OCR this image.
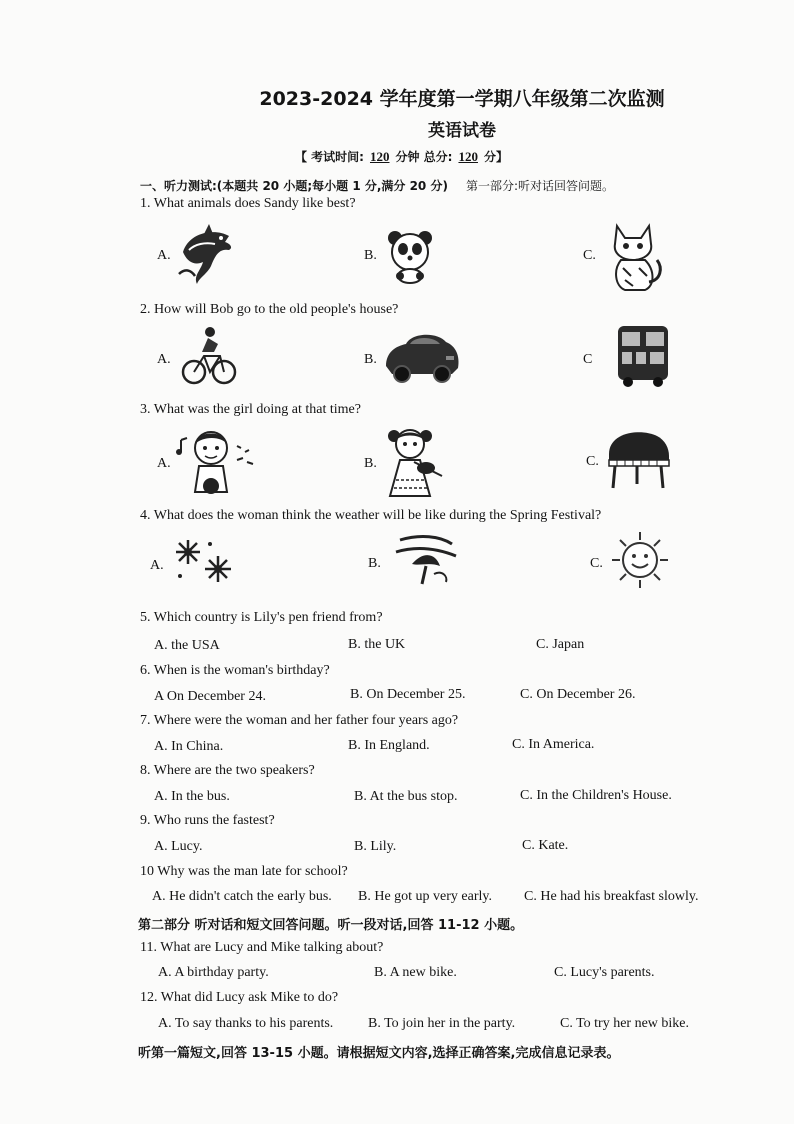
2023-2024 学年度第一学期八年级第二次监测
英语试卷
【 考试时间: 120 分钟 总分: 120 分】
一、听力测试:(本题共 20 小题;每小题 1 分,满分 20 分) 第一部分:听对话回答问题。
1. What animals does Sandy like best?
A.	B.	C.
2. How will Bob go to the old people's house?
A.	B.	C
3. What was the girl doing at that time?
A.	B.	C.
4. What does the woman think the weather will be like during the Spring Festival?
A.	B.	C.
5. Which country is Lily's pen friend from?
A. the USA	B. the UK	C. Japan
6. When is the woman's birthday?
A On December 24.	B. On December 25.	C. On December 26.
7. Where were the woman and her father four years ago?
A. In China.	B. In England.	C. In America.
8. Where are the two speakers?
A. In the bus.	B. At the bus stop.	C. In the Children's House.
9. Who runs the fastest?
A. Lucy.	B. Lily.	C. Kate.
10 Why was the man late for school?
A. He didn't catch the early bus. B. He got up very early. C. He had his breakfast slowly.
第二部分 听对话和短文回答问题。听一段对话,回答 11-12 小题。
11. What are Lucy and Mike talking about?
A. A birthday party.	B. A new bike.	C. Lucy's parents.
12. What did Lucy ask Mike to do?
A. To say thanks to his parents. B. To join her in the party.	C. To try her new bike.
听第一篇短文,回答 13-15 小题。请根据短文内容,选择正确答案,完成信息记录表。
